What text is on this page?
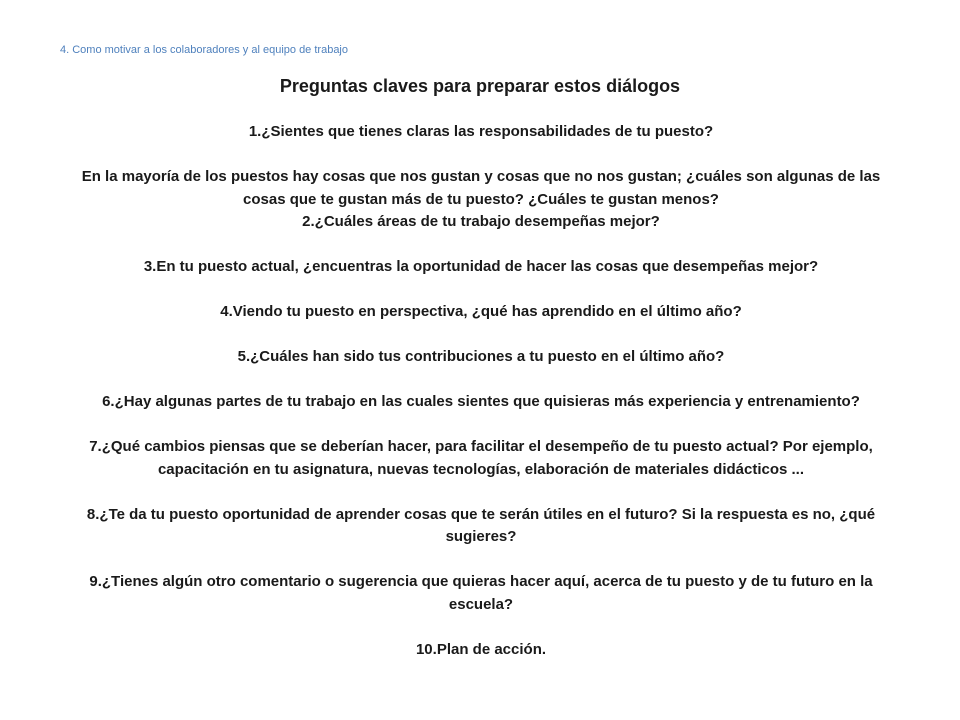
4. Como motivar a los colaboradores y al equipo de trabajo
Preguntas claves para preparar estos diálogos

1.¿Sientes que tienes claras las responsabilidades de tu puesto?

En la mayoría de los puestos hay cosas que nos gustan y cosas que no nos gustan; ¿cuáles son algunas de las cosas que te gustan más de tu puesto? ¿Cuáles te gustan menos?

2.¿Cuáles áreas de tu trabajo desempeñas mejor?

3.En tu puesto actual, ¿encuentras la oportunidad de hacer las cosas que desempeñas mejor?

4.Viendo tu puesto en perspectiva, ¿qué has aprendido en el último año?

5.¿Cuáles han sido tus contribuciones a tu puesto en el último año?

6.¿Hay algunas partes de tu trabajo en las cuales sientes que quisieras más experiencia y entrenamiento?

7.¿Qué cambios piensas que se deberían hacer, para facilitar el desempeño de tu puesto actual? Por ejemplo, capacitación en tu asignatura, nuevas tecnologías, elaboración de materiales didácticos ...

8.¿Te da tu puesto oportunidad de aprender cosas que te serán útiles en el futuro? Si la respuesta es no, ¿qué sugieres?

9.¿Tienes algún otro comentario o sugerencia que quieras hacer aquí, acerca de tu puesto y de tu futuro en la escuela?

10.Plan de acción.
